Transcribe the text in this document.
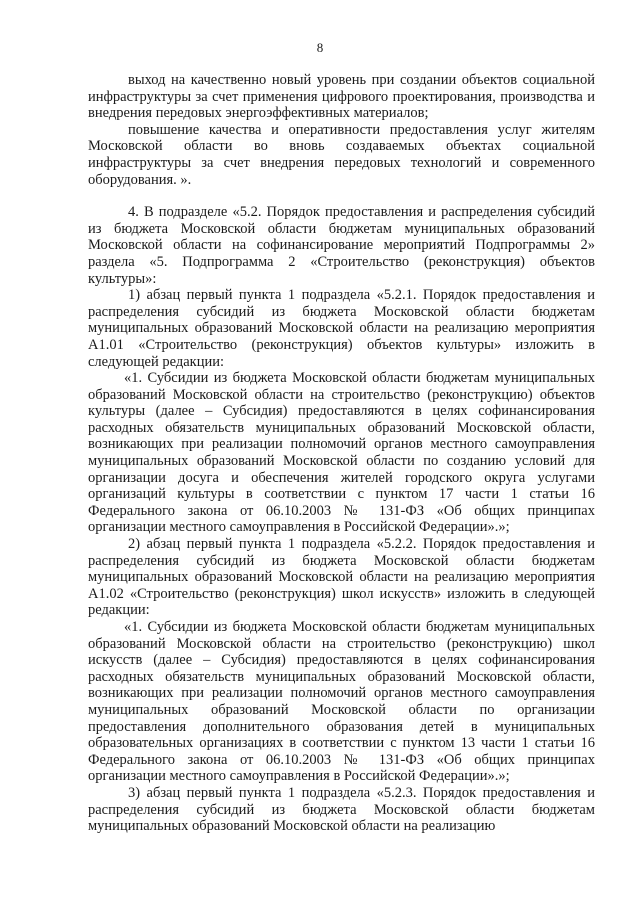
8

выход на качественно новый уровень при создании объектов социальной инфраструктуры за счет применения цифрового проектирования, производства и внедрения передовых энергоэффективных материалов;

повышение качества и оперативности предоставления услуг жителям Московской области во вновь создаваемых объектах социальной инфраструктуры за счет внедрения передовых технологий и современного оборудования. ».

4. В подразделе «5.2. Порядок предоставления и распределения субсидий из бюджета Московской области бюджетам муниципальных образований Московской области на софинансирование мероприятий Подпрограммы 2» раздела «5. Подпрограмма 2 «Строительство (реконструкция) объектов культуры»:

1) абзац первый пункта 1 подраздела «5.2.1. Порядок предоставления и распределения субсидий из бюджета Московской области бюджетам муниципальных образований Московской области на реализацию мероприятия А1.01 «Строительство (реконструкция) объектов культуры» изложить в следующей редакции:

«1. Субсидии из бюджета Московской области бюджетам муниципальных образований Московской области на строительство (реконструкцию) объектов культуры (далее – Субсидия) предоставляются в целях софинансирования расходных обязательств муниципальных образований Московской области, возникающих при реализации полномочий органов местного самоуправления муниципальных образований Московской области по созданию условий для организации досуга и обеспечения жителей городского округа услугами организаций культуры в соответствии с пунктом 17 части 1 статьи 16 Федерального закона от 06.10.2003 № 131-ФЗ «Об общих принципах организации местного самоуправления в Российской Федерации».»;

2) абзац первый пункта 1 подраздела «5.2.2. Порядок предоставления и распределения субсидий из бюджета Московской области бюджетам муниципальных образований Московской области на реализацию мероприятия А1.02 «Строительство (реконструкция) школ искусств» изложить в следующей редакции:

«1. Субсидии из бюджета Московской области бюджетам муниципальных образований Московской области на строительство (реконструкцию) школ искусств (далее – Субсидия) предоставляются в целях софинансирования расходных обязательств муниципальных образований Московской области, возникающих при реализации полномочий органов местного самоуправления муниципальных образований Московской области по организации предоставления дополнительного образования детей в муниципальных образовательных организациях в соответствии с пунктом 13 части 1 статьи 16 Федерального закона от 06.10.2003 № 131-ФЗ «Об общих принципах организации местного самоуправления в Российской Федерации».»;

3) абзац первый пункта 1 подраздела «5.2.3. Порядок предоставления и распределения субсидий из бюджета Московской области бюджетам муниципальных образований Московской области на реализацию
